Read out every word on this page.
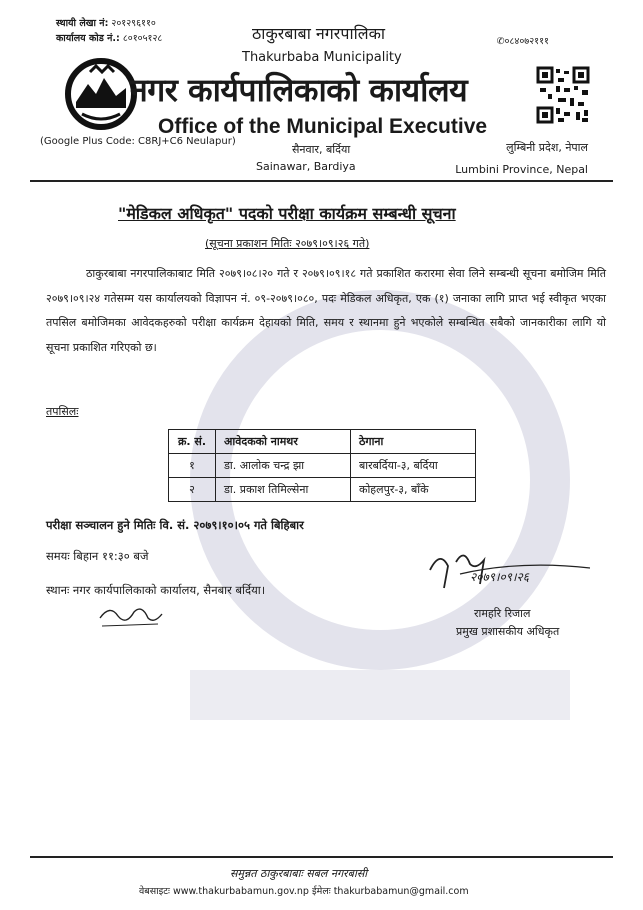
स्थायी लेखा नं: २०१२९६११०
कार्यालय कोड नं.: ८०१०५१२८	✆०८४०७२१११
ठाकुरबाबा नगरपालिका
Thakurbaba Municipality
नगर कार्यपालिकाको कार्यालय
Office of the Municipal Executive
(Google Plus Code: C8RJ+C6 Neulapur)
सैनवार, बर्दिया
Sainawar, Bardiya
लुम्बिनी प्रदेश, नेपाल
Lumbini Province, Nepal
"मेडिकल अधिकृत" पदको परीक्षा कार्यक्रम सम्बन्धी सूचना
(सूचना प्रकाशन मितिः २०७९।०९।२६ गते)
ठाकुरबाबा नगरपालिकाबाट मिति २०७९।०८।२० गते र २०७९।०९।१८ गते प्रकाशित करारमा सेवा लिने सम्बन्धी सूचना बमोजिम मिति २०७९।०९।२४ गतेसम्म यस कार्यालयको विज्ञापन नं. ०९-२०७९।०८०, पदः मेडिकल अधिकृत, एक (१) जनाका लागि प्राप्त भई स्वीकृत भएका तपसिल बमोजिमका आवेदकहरुको परीक्षा कार्यक्रम देहायको मिति, समय र स्थानमा हुने भएकोले सम्बन्धित सबैको जानकारीका लागि यो सूचना प्रकाशित गरिएको छ।
तपसिलः
क्र. सं.	आवेदकको नामथर	ठेगाना
१	डा. आलोक चन्द्र झा	बारबर्दिया-३, बर्दिया
२	डा. प्रकाश तिमिल्सेना	कोहलपुर-३, बाँके
परीक्षा सञ्चालन हुने मितिः वि. सं. २०७९।१०।०५ गते बिहिबार
समयः बिहान ११:३० बजे
स्थानः नगर कार्यपालिकाको कार्यालय, सैनबार बर्दिया।
२०७९।०९।२६
रामहरि रिजाल
प्रमुख प्रशासकीय अधिकृत
समुन्नत ठाकुरबाबाः सबल नगरबासी
वेबसाइटः www.thakurbabamun.gov.np ईमेलः thakurbabamun@gmail.com
